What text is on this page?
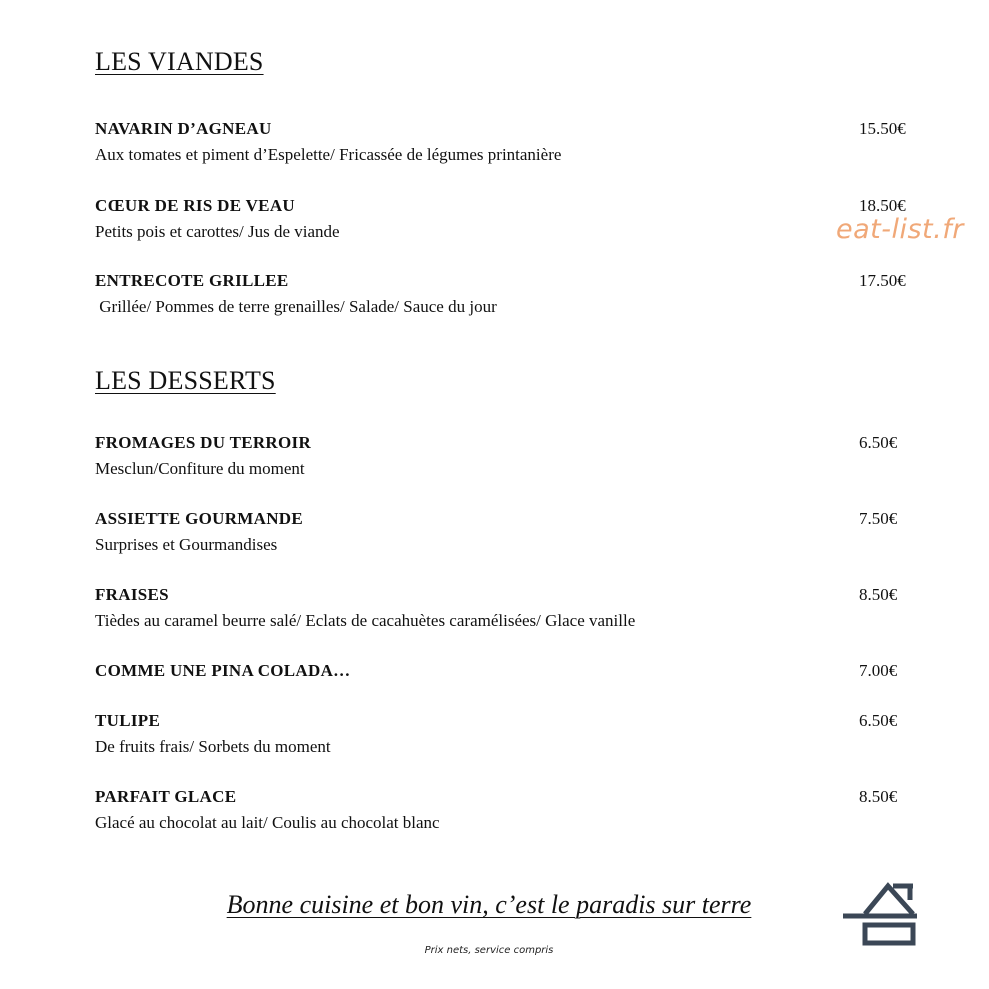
LES VIANDES
NAVARIN D’AGNEAU
Aux tomates et piment d’Espelette/ Fricassée de légumes printanière
15.50€
CŒUR DE RIS DE VEAU
Petits pois et carottes/ Jus de viande
18.50€
ENTRECOTE GRILLEE
Grillée/ Pommes de terre grenailles/ Salade/ Sauce du jour
17.50€
LES DESSERTS
FROMAGES DU TERROIR
Mesclun/Confiture du moment
6.50€
ASSIETTE GOURMANDE
Surprises et Gourmandises
7.50€
FRAISES
Tièdes au caramel beurre salé/ Eclats de cacahuètes caramélisées/ Glace vanille
8.50€
COMME UNE PINA COLADA…	7.00€
TULIPE
De fruits frais/ Sorbets du moment
6.50€
PARFAIT GLACE
Glacé au chocolat au lait/ Coulis au chocolat blanc
8.50€
eat-list.fr
Bonne cuisine et bon vin, c’est le paradis sur terre
Prix nets, service compris
